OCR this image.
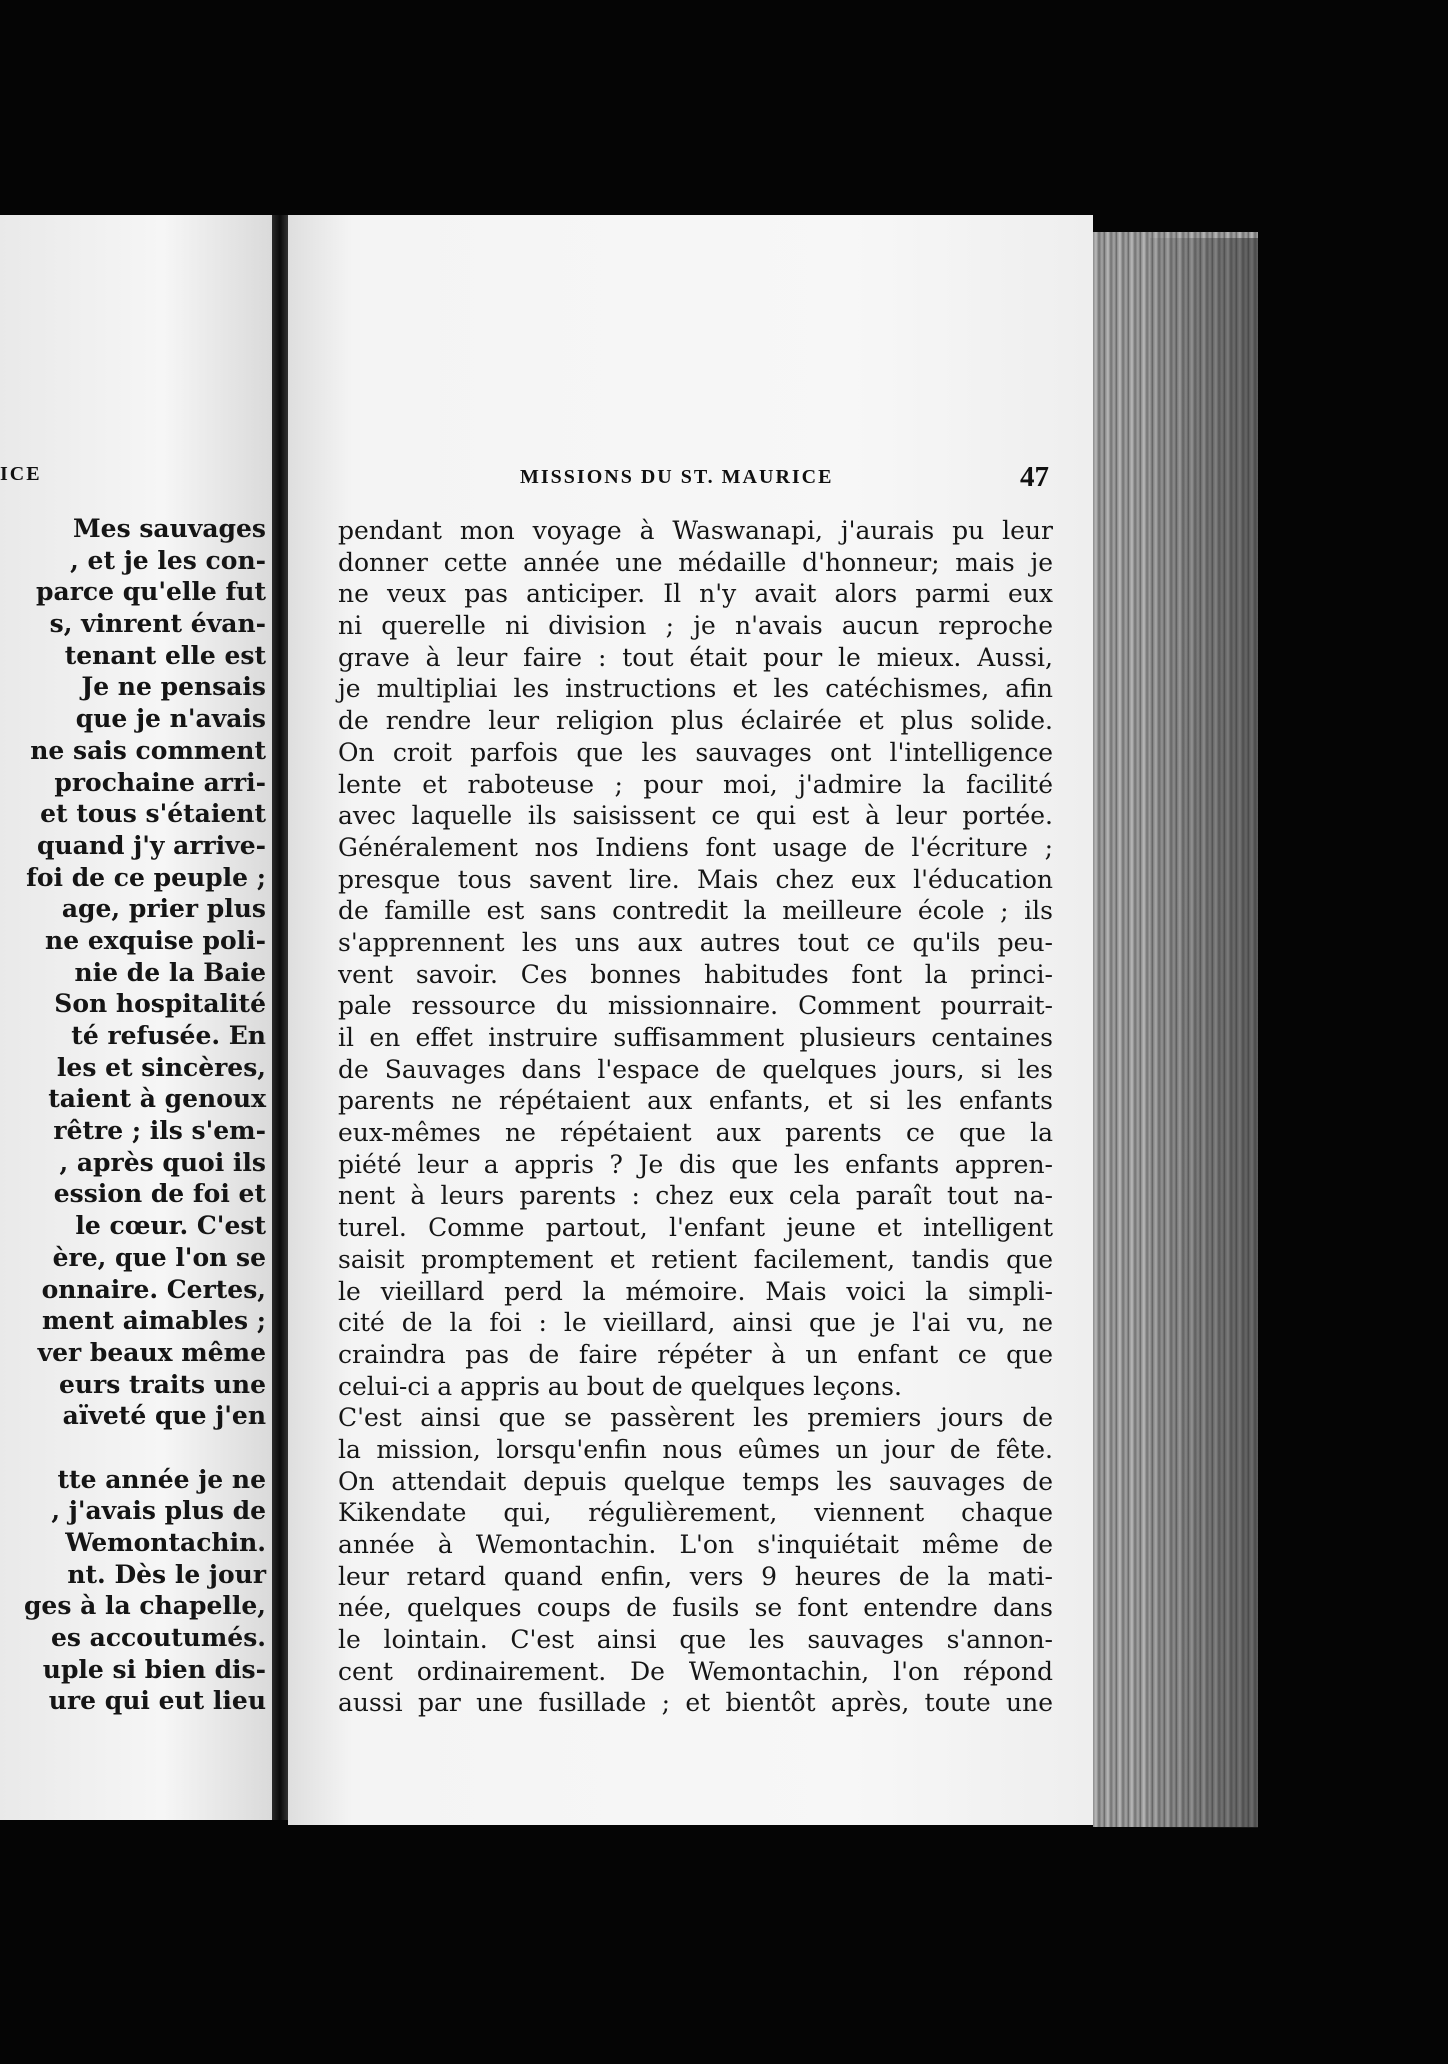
ICE
Mes sauvages
, et je les con-
parce qu'elle fut
s, vinrent évan-
tenant elle est
Je ne pensais
que je n'avais
ne sais comment
prochaine arri-
et tous s'étaient
quand j'y arrive-
foi de ce peuple ;
age, prier plus
ne exquise poli-
nie de la Baie
Son hospitalité
té refusée. En
les et sincères,
taient à genoux
rêtre ; ils s'em-
, après quoi ils
ession de foi et
le cœur. C'est
ère, que l'on se
onnaire. Certes,
ment aimables ;
ver beaux même
eurs traits une
aïveté que j'en
tte année je ne
, j'avais plus de
Wemontachin.
nt. Dès le jour
ges à la chapelle,
es accoutumés.
uple si bien dis-
ure qui eut lieu
MISSIONS DU ST. MAURICE	47
pendant mon voyage à Waswanapi, j'aurais pu leur
donner cette année une médaille d'honneur; mais je
ne veux pas anticiper. Il n'y avait alors parmi eux
ni querelle ni division ; je n'avais aucun reproche
grave à leur faire : tout était pour le mieux. Aussi,
je multipliai les instructions et les catéchismes, afin
de rendre leur religion plus éclairée et plus solide.
On croit parfois que les sauvages ont l'intelligence
lente et raboteuse ; pour moi, j'admire la facilité
avec laquelle ils saisissent ce qui est à leur portée.
Généralement nos Indiens font usage de l'écriture ;
presque tous savent lire. Mais chez eux l'éducation
de famille est sans contredit la meilleure école ; ils
s'apprennent les uns aux autres tout ce qu'ils peu-
vent savoir. Ces bonnes habitudes font la princi-
pale ressource du missionnaire. Comment pourrait-
il en effet instruire suffisamment plusieurs centaines
de Sauvages dans l'espace de quelques jours, si les
parents ne répétaient aux enfants, et si les enfants
eux-mêmes ne répétaient aux parents ce que la
piété leur a appris ? Je dis que les enfants appren-
nent à leurs parents : chez eux cela paraît tout na-
turel. Comme partout, l'enfant jeune et intelligent
saisit promptement et retient facilement, tandis que
le vieillard perd la mémoire. Mais voici la simpli-
cité de la foi : le vieillard, ainsi que je l'ai vu, ne
craindra pas de faire répéter à un enfant ce que
celui-ci a appris au bout de quelques leçons.
C'est ainsi que se passèrent les premiers jours de
la mission, lorsqu'enfin nous eûmes un jour de fête.
On attendait depuis quelque temps les sauvages de
Kikendate qui, régulièrement, viennent chaque
année à Wemontachin. L'on s'inquiétait même de
leur retard quand enfin, vers 9 heures de la mati-
née, quelques coups de fusils se font entendre dans
le lointain. C'est ainsi que les sauvages s'annon-
cent ordinairement. De Wemontachin, l'on répond
aussi par une fusillade ; et bientôt après, toute une
